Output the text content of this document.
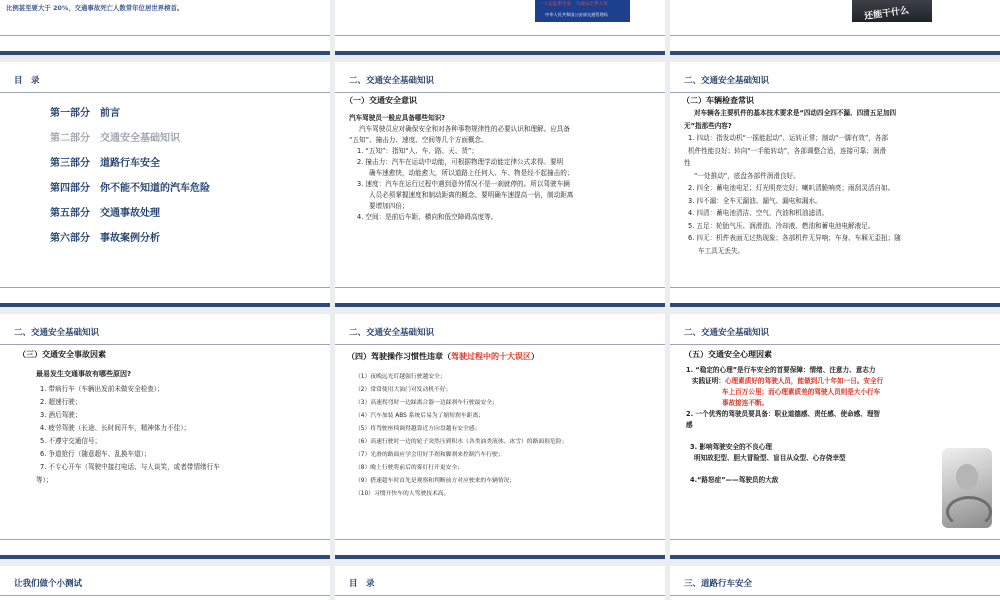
比例甚至要大于 20%，交通事故死亡人数常年位居世界榜首。	一人安危系全家　交通安全系大家
中华人民共和国公安部交通管理局	还能干什么
目　录
第一部分　前言
第二部分　交通安全基础知识
第三部分　道路行车安全
第四部分　你不能不知道的汽车危险
第五部分　交通事故处理
第六部分　事故案例分析
二、交通安全基础知识
（一）交通安全意识

汽车驾驶员一般应具备哪些知识?

汽车驾驶员应对确保安全和对各种事物规律性的必要认识和理解。应具备

“五知”、撞击力、速度、空间等几个方面概念。

1. “五知”：指知“人、车、路、天、货”；

2. 撞击力：汽车在运动中动能，可根据物理学动能定律公式求得。要明

确车速愈快，动能愈大，所以道路上任何人、车、物是经不起撞击的；

3. 速度：汽车在运行过程中遇到意外情况不是一刹就停的。所以驾驶车辆

人员必须掌握速度和制动距离的概念。要明确车速提高一倍，制动距离

要增加四倍；

4. 空间：是前后车距、横向和低空障碍高度等。

二、交通安全基础知识
（二）车辆检查常识

对车辆各主要机件的基本技术要求是“四动四全四不漏、四清五足加四

无”指那些内容?

1. 四动：指发动机“一摇能起动”、运转正常；制动“一脚有效”，各部

机件性能良好；转向“一手能转动”，各部调整合适，连接可靠；润滑

性

“一处推动”，底盘各部件润滑良好。

2. 四全：蓄电池电足；灯光明亮完好；喇叭清脆响亮；雨刮灵活自如。

3. 四不漏：全车无漏油、漏气、漏电和漏水。

4. 四清：蓄电池清洁、空气、汽油和机油滤清。

5. 五足：轮胎气压、润滑油、冷却液、燃油和蓄电池电解液足。

6. 四无：机件表面无过热现象；各部机件无异响；车身、车厢无歪扭；随

车工具无丢失。

二、交通安全基础知识
（三）交通安全事故因素
最易发生交通事故有哪些原因?

1. 带病行车（车辆出发前未做安全检查）；

2. 超速行驶；

3. 酒后驾驶；

4. 疲劳驾驶（长途、长时间开车，精神体力不佳）；

5. 不遵守交通信号；

6. 争道抢行（随意超车、乱换车道）；

7. 不专心开车（驾驶中接打电话、与人谈笑，或者带情绪行车

等）；

二、交通安全基础知识
（四）驾驶操作习惯性违章（驾驶过程中的十大误区）

（1）夜晚远光灯越强行驶越安全；

（2）常常使用大油门对发动机不好；

（3）高速拐弯时一边踩离合器一边踩刹车行驶最安全；

（4）汽车加装 ABS 系统后易为了缩短刹车距离；

（5）将驾驶座椅调得越靠近方向盘越有安全感；

（6）高速行驶时一边的轮子突然压到积水（各类油类液体、冰雪）的路面很危险；

（7）光滑的路面应学会用好手刹和脚刹来控制汽车行驶；

（8）晚上行驶将前后的雾灯打开更安全；

（9）搭速超车时首先是观察和判断前方对应驶来的车辆情况；

（10）习惯开快车的人驾驶技术高。

二、交通安全基础知识
（五）交通安全心理因素

1. “稳定的心理”是行车安全的首要保障：情绪、注意力、意志力

实践证明：心理素质好的驾驶人员，能做到几十年如一日。安全行

车上百万公里；而心理素质差的驾驶人员则是大小行车

事故接连不断。

2. 一个优秀的驾驶员要具备：职业道德感、责任感、使命感、理智

感

3. 影响驾驶安全的不良心理

明知故犯型、胆大冒险型、盲目从众型、心存侥幸型

4.“路怒症”——驾驶员的大敌

让我们做个小测试	目　录	三、道路行车安全
